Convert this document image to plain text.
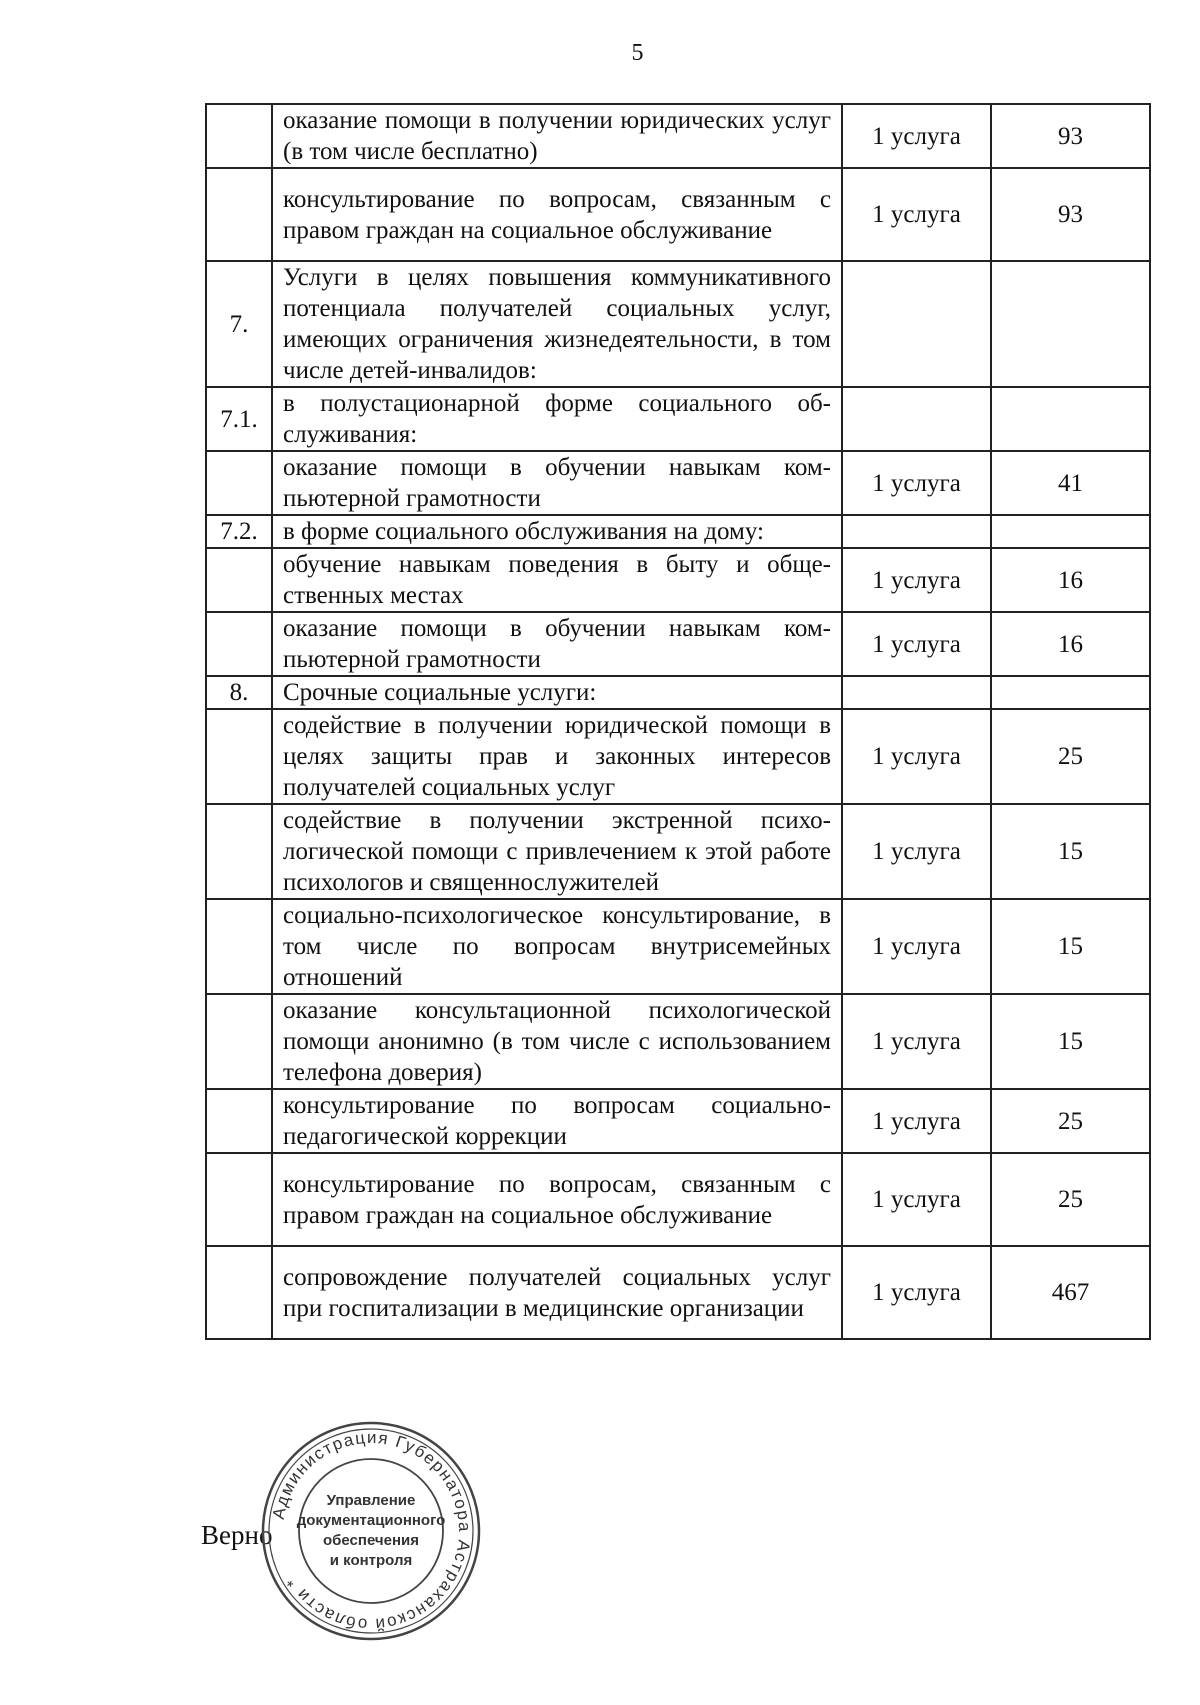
5
	оказание помощи в получении юридических услуг (в том числе бесплатно)	1 услуга	93
	консультирование по вопросам, связанным с правом граждан на социальное обслуживание	1 услуга	93
7.	Услуги в целях повышения коммуникативного потенциала получателей социальных услуг, имеющих ограничения жизнедеятельности, в том числе детей-инвалидов:		
7.1.	в полустационарной форме социального обслуживания:		
	оказание помощи в обучении навыкам компьютерной грамотности	1 услуга	41
7.2.	в форме социального обслуживания на дому:		
	обучение навыкам поведения в быту и общественных местах	1 услуга	16
	оказание помощи в обучении навыкам компьютерной грамотности	1 услуга	16
8.	Срочные социальные услуги:		
	содействие в получении юридической помощи в целях защиты прав и законных интересов получателей социальных услуг	1 услуга	25
	содействие в получении экстренной психологической помощи с привлечением к этой работе психологов и священнослужителей	1 услуга	15
	социально-психологическое консультирование, в том числе по вопросам внутрисемейных отношений	1 услуга	15
	оказание консультационной психологической помощи анонимно (в том числе с использованием телефона доверия)	1 услуга	15
	консультирование по вопросам социально-педагогической коррекции	1 услуга	25
	консультирование по вопросам, связанным с правом граждан на социальное обслуживание	1 услуга	25
	сопровождение получателей социальных услуг при госпитализации в медицинские организации	1 услуга	467
Верно
Администрация Губернатора Астраханской области *
Управление
документационного
обеспечения
и контроля
